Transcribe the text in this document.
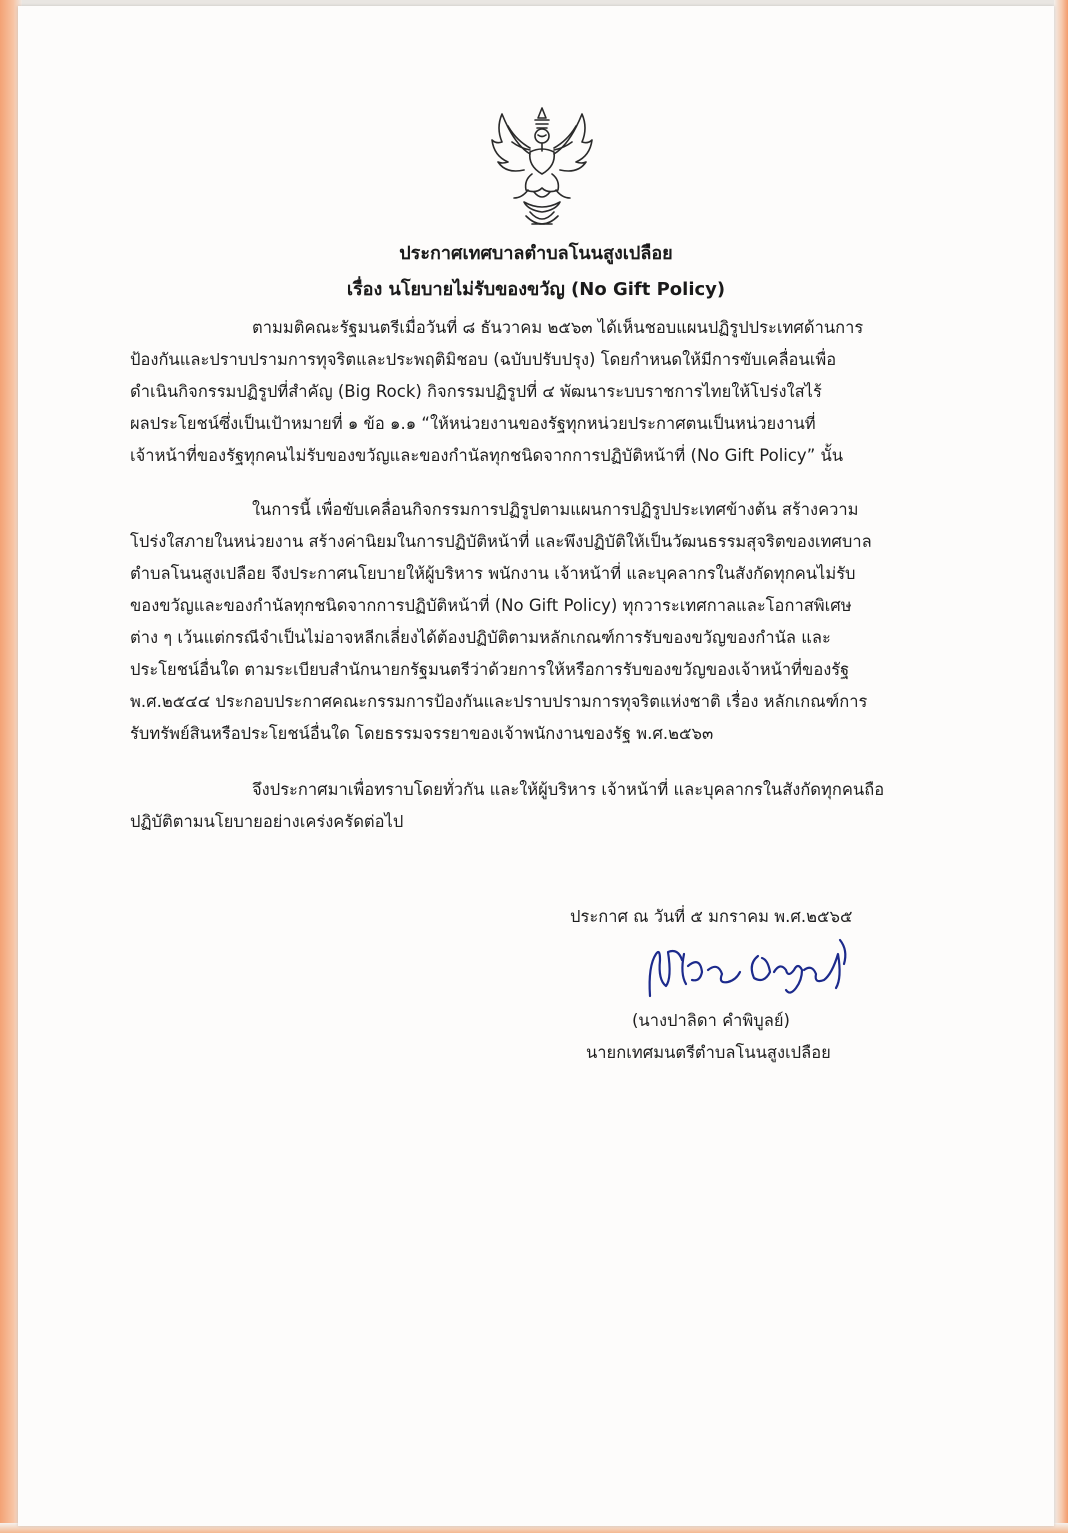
ประกาศเทศบาลตำบลโนนสูงเปลือย
เรื่อง นโยบายไม่รับของขวัญ (No Gift Policy)
ตามมติคณะรัฐมนตรีเมื่อวันที่ ๘ ธันวาคม ๒๕๖๓ ได้เห็นชอบแผนปฏิรูปประเทศด้านการ
ป้องกันและปราบปรามการทุจริตและประพฤติมิชอบ (ฉบับปรับปรุง) โดยกำหนดให้มีการขับเคลื่อนเพื่อ
ดำเนินกิจกรรมปฏิรูปที่สำคัญ (Big Rock) กิจกรรมปฏิรูปที่ ๔ พัฒนาระบบราชการไทยให้โปร่งใสไร้
ผลประโยชน์ซึ่งเป็นเป้าหมายที่ ๑ ข้อ ๑.๑ “ให้หน่วยงานของรัฐทุกหน่วยประกาศตนเป็นหน่วยงานที่
เจ้าหน้าที่ของรัฐทุกคนไม่รับของขวัญและของกำนัลทุกชนิดจากการปฏิบัติหน้าที่ (No Gift Policy” นั้น
ในการนี้ เพื่อขับเคลื่อนกิจกรรมการปฏิรูปตามแผนการปฏิรูปประเทศข้างต้น สร้างความ
โปร่งใสภายในหน่วยงาน สร้างค่านิยมในการปฏิบัติหน้าที่ และพึงปฏิบัติให้เป็นวัฒนธรรมสุจริตของเทศบาล
ตำบลโนนสูงเปลือย จึงประกาศนโยบายให้ผู้บริหาร พนักงาน เจ้าหน้าที่ และบุคลากรในสังกัดทุกคนไม่รับ
ของขวัญและของกำนัลทุกชนิดจากการปฏิบัติหน้าที่ (No Gift Policy) ทุกวาระเทศกาลและโอกาสพิเศษ
ต่าง ๆ เว้นแต่กรณีจำเป็นไม่อาจหลีกเลี่ยงได้ต้องปฏิบัติตามหลักเกณฑ์การรับของขวัญของกำนัล และ
ประโยชน์อื่นใด ตามระเบียบสำนักนายกรัฐมนตรีว่าด้วยการให้หรือการรับของขวัญของเจ้าหน้าที่ของรัฐ
พ.ศ.๒๕๔๔ ประกอบประกาศคณะกรรมการป้องกันและปราบปรามการทุจริตแห่งชาติ เรื่อง หลักเกณฑ์การ
รับทรัพย์สินหรือประโยชน์อื่นใด โดยธรรมจรรยาของเจ้าพนักงานของรัฐ พ.ศ.๒๕๖๓
จึงประกาศมาเพื่อทราบโดยทั่วกัน และให้ผู้บริหาร เจ้าหน้าที่ และบุคลากรในสังกัดทุกคนถือ
ปฏิบัติตามนโยบายอย่างเคร่งครัดต่อไป
ประกาศ ณ วันที่ ๕ มกราคม พ.ศ.๒๕๖๕
(นางปาลิดา คำพิบูลย์)
นายกเทศมนตรีตำบลโนนสูงเปลือย
